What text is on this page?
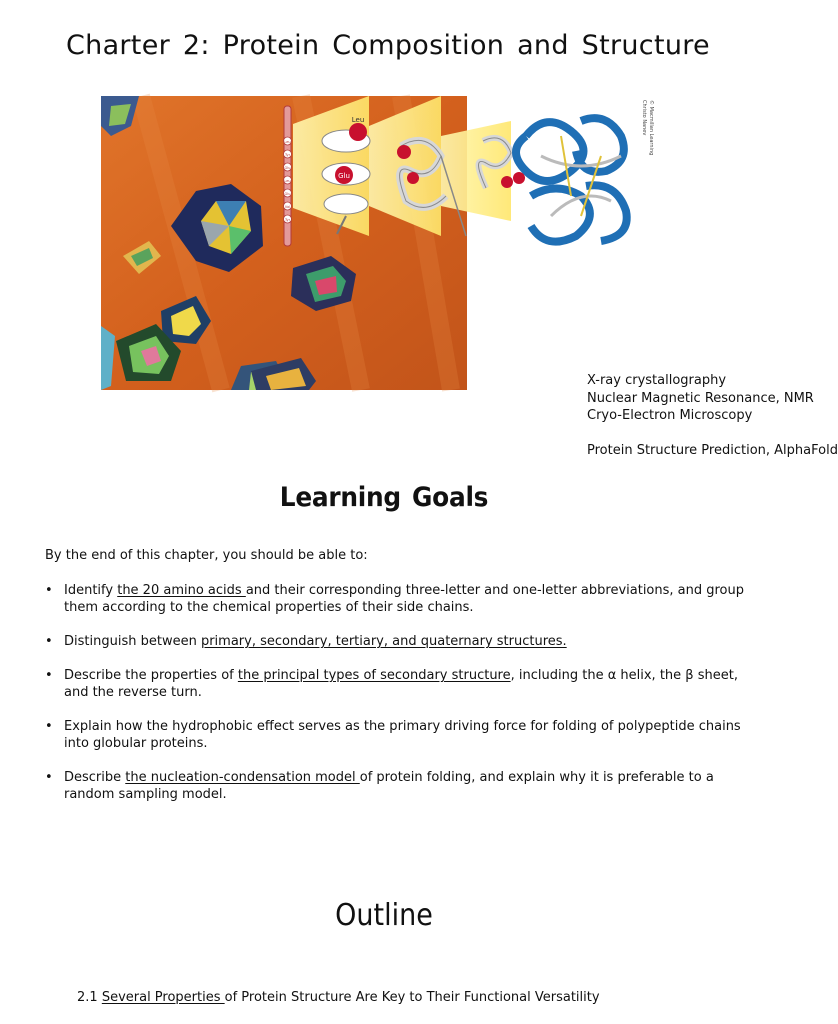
Charter 2: Protein Composition and Structure
Leu
Tyr
Glu
Leu
Glu
Val
Tyr
Leu
Glu
Christo Nanev © Macmillan Learning
X-ray crystallography
Nuclear Magnetic Resonance, NMR
Cryo-Electron Microscopy
Protein Structure Prediction, AlphaFold
Learning Goals
By the end of this chapter, you should be able to:
• Identify the 20 amino acids and their corresponding three-letter and one-letter abbreviations, and group them according to the chemical properties of their side chains.
• Distinguish between primary, secondary, tertiary, and quaternary structures.
• Describe the properties of the principal types of secondary structure, including the α helix, the β sheet, and the reverse turn.
• Explain how the hydrophobic effect serves as the primary driving force for folding of polypeptide chains into globular proteins.
• Describe the nucleation-condensation model of protein folding, and explain why it is preferable to a random sampling model.
Outline
2.1 Several Properties of Protein Structure Are Key to Their Functional Versatility
